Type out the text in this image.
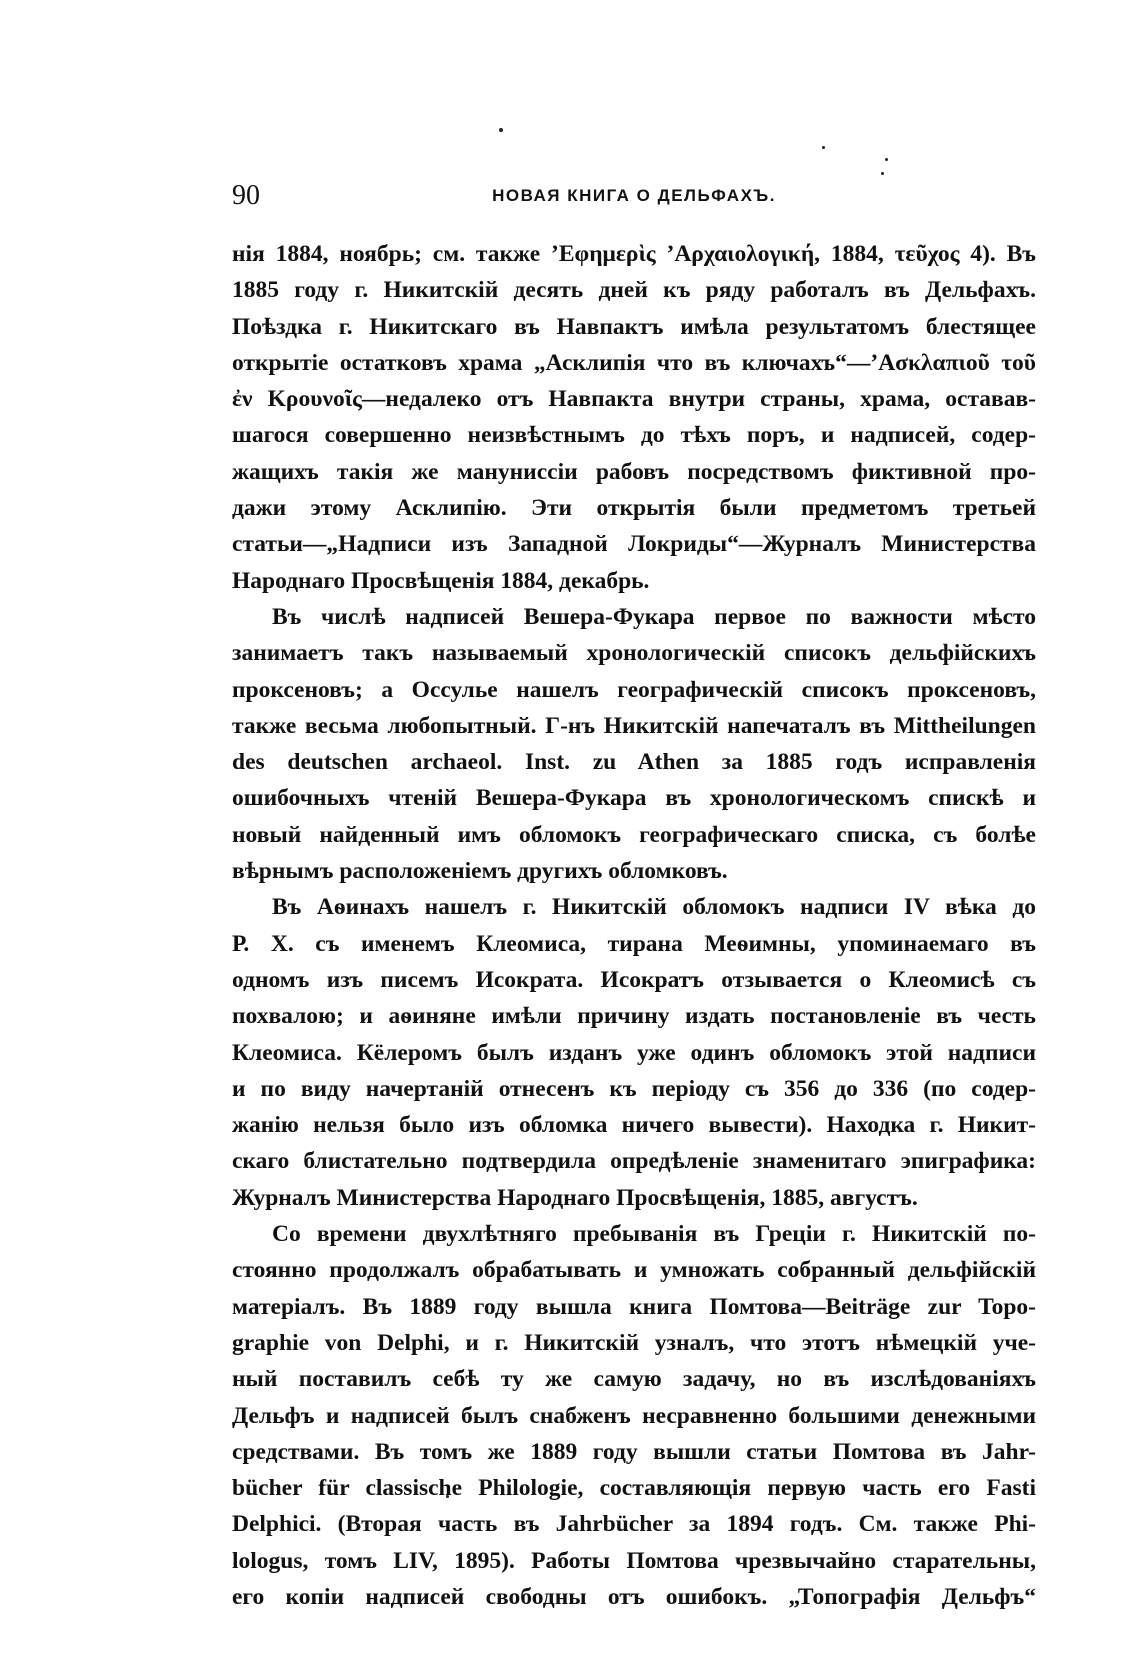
90	НОВАЯ КНИГА О ДЕЛЬФАХЪ.
нія 1884, ноябрь; см. также ’Εφημερὶς ’Αρχαιολογική, 1884, τεῦχος 4). Въ
1885 году г. Никитскій десять дней къ ряду работалъ въ Дельфахъ.
Поѣздка г. Никитскаго въ Навпактъ имѣла результатомъ блестящее
открытіе остатковъ храма „Асклипія что въ ключахъ“—’Ασκλαπιοῦ τοῦ
ἐν Κρουνοῖς—недалеко отъ Навпакта внутри страны, храма, оставав-
шагося совершенно неизвѣстнымъ до тѣхъ поръ, и надписей, содер-
жащихъ такія же мануниссіи рабовъ посредствомъ фиктивной про-
дажи этому Асклипію. Эти открытія были предметомъ третьей
статьи—„Надписи изъ Западной Локриды“—Журналъ Министерства
Народнаго Просвѣщенія 1884, декабрь.
Въ числѣ надписей Вешера-Фукара первое по важности мѣсто
занимаетъ такъ называемый хронологическій списокъ дельфійскихъ
проксеновъ; а Оссулье нашелъ географическій списокъ проксеновъ,
также весьма любопытный. Г-нъ Никитскій напечаталъ въ Mittheilungen
des deutschen archaeol. Inst. zu Athen за 1885 годъ исправленія
ошибочныхъ чтеній Вешера-Фукара въ хронологическомъ спискѣ и
новый найденный имъ обломокъ географическаго списка, съ болѣе
вѣрнымъ расположеніемъ другихъ обломковъ.
Въ Аѳинахъ нашелъ г. Никитскій обломокъ надписи IV вѣка до
Р. Х. съ именемъ Клеомиса, тирана Меѳимны, упоминаемаго въ
одномъ изъ писемъ Исократа. Исократъ отзывается о Клеомисѣ съ
похвалою; и аѳиняне имѣли причину издать постановленіе въ честь
Клеомиса. Кёлеромъ былъ изданъ уже одинъ обломокъ этой надписи
и по виду начертаній отнесенъ къ періоду съ 356 до 336 (по содер-
жанію нельзя было изъ обломка ничего вывести). Находка г. Никит-
скаго блистательно подтвердила опредѣленіе знаменитаго эпиграфика:
Журналъ Министерства Народнаго Просвѣщенія, 1885, августъ.
Со времени двухлѣтняго пребыванія въ Греціи г. Никитскій по-
стоянно продолжалъ обрабатывать и умножать собранный дельфійскій
матеріалъ. Въ 1889 году вышла книга Помтова—Beiträge zur Topo-
graphie von Delphi, и г. Никитскій узналъ, что этотъ нѣмецкій уче-
ный поставилъ себѣ ту же самую задачу, но въ изслѣдованіяхъ
Дельфъ и надписей былъ снабженъ несравненно большими денежными
средствами. Въ томъ же 1889 году вышли статьи Помтова въ Jahr-
bücher für classische Philologie, составляющія первую часть его Fasti
Delphici. (Вторая часть въ Jahrbücher за 1894 годъ. См. также Phi-
lologus, томъ LIV, 1895). Работы Помтова чрезвычайно старательны,
его копіи надписей свободны отъ ошибокъ. „Топографія Дельфъ“
